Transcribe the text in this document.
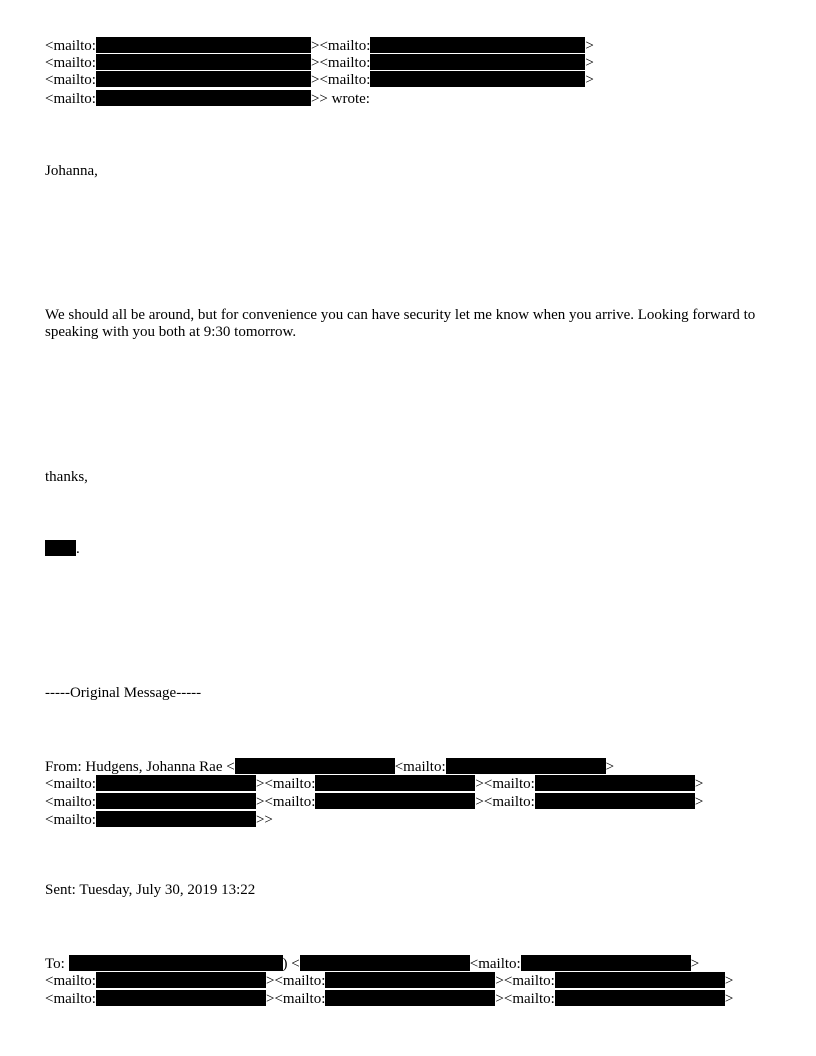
<mailto:	><mailto:	>
<mailto:	><mailto:	>
<mailto:	><mailto:	>
<mailto:	>> wrote:
Johanna,
We should all be around, but for convenience you can have security let me know when you arrive. Looking forward to speaking with you both at 9:30 tomorrow.
thanks,
.
-----Original Message-----
From: Hudgens, Johanna Rae <	<mailto:	>
<mailto:	><mailto:	><mailto:	>
<mailto:	><mailto:	><mailto:	>
<mailto:	>>
Sent: Tuesday, July 30, 2019 13:22
To:	) <	<mailto:	>
<mailto:	><mailto:	><mailto:	>
<mailto:	><mailto:	><mailto:	>
